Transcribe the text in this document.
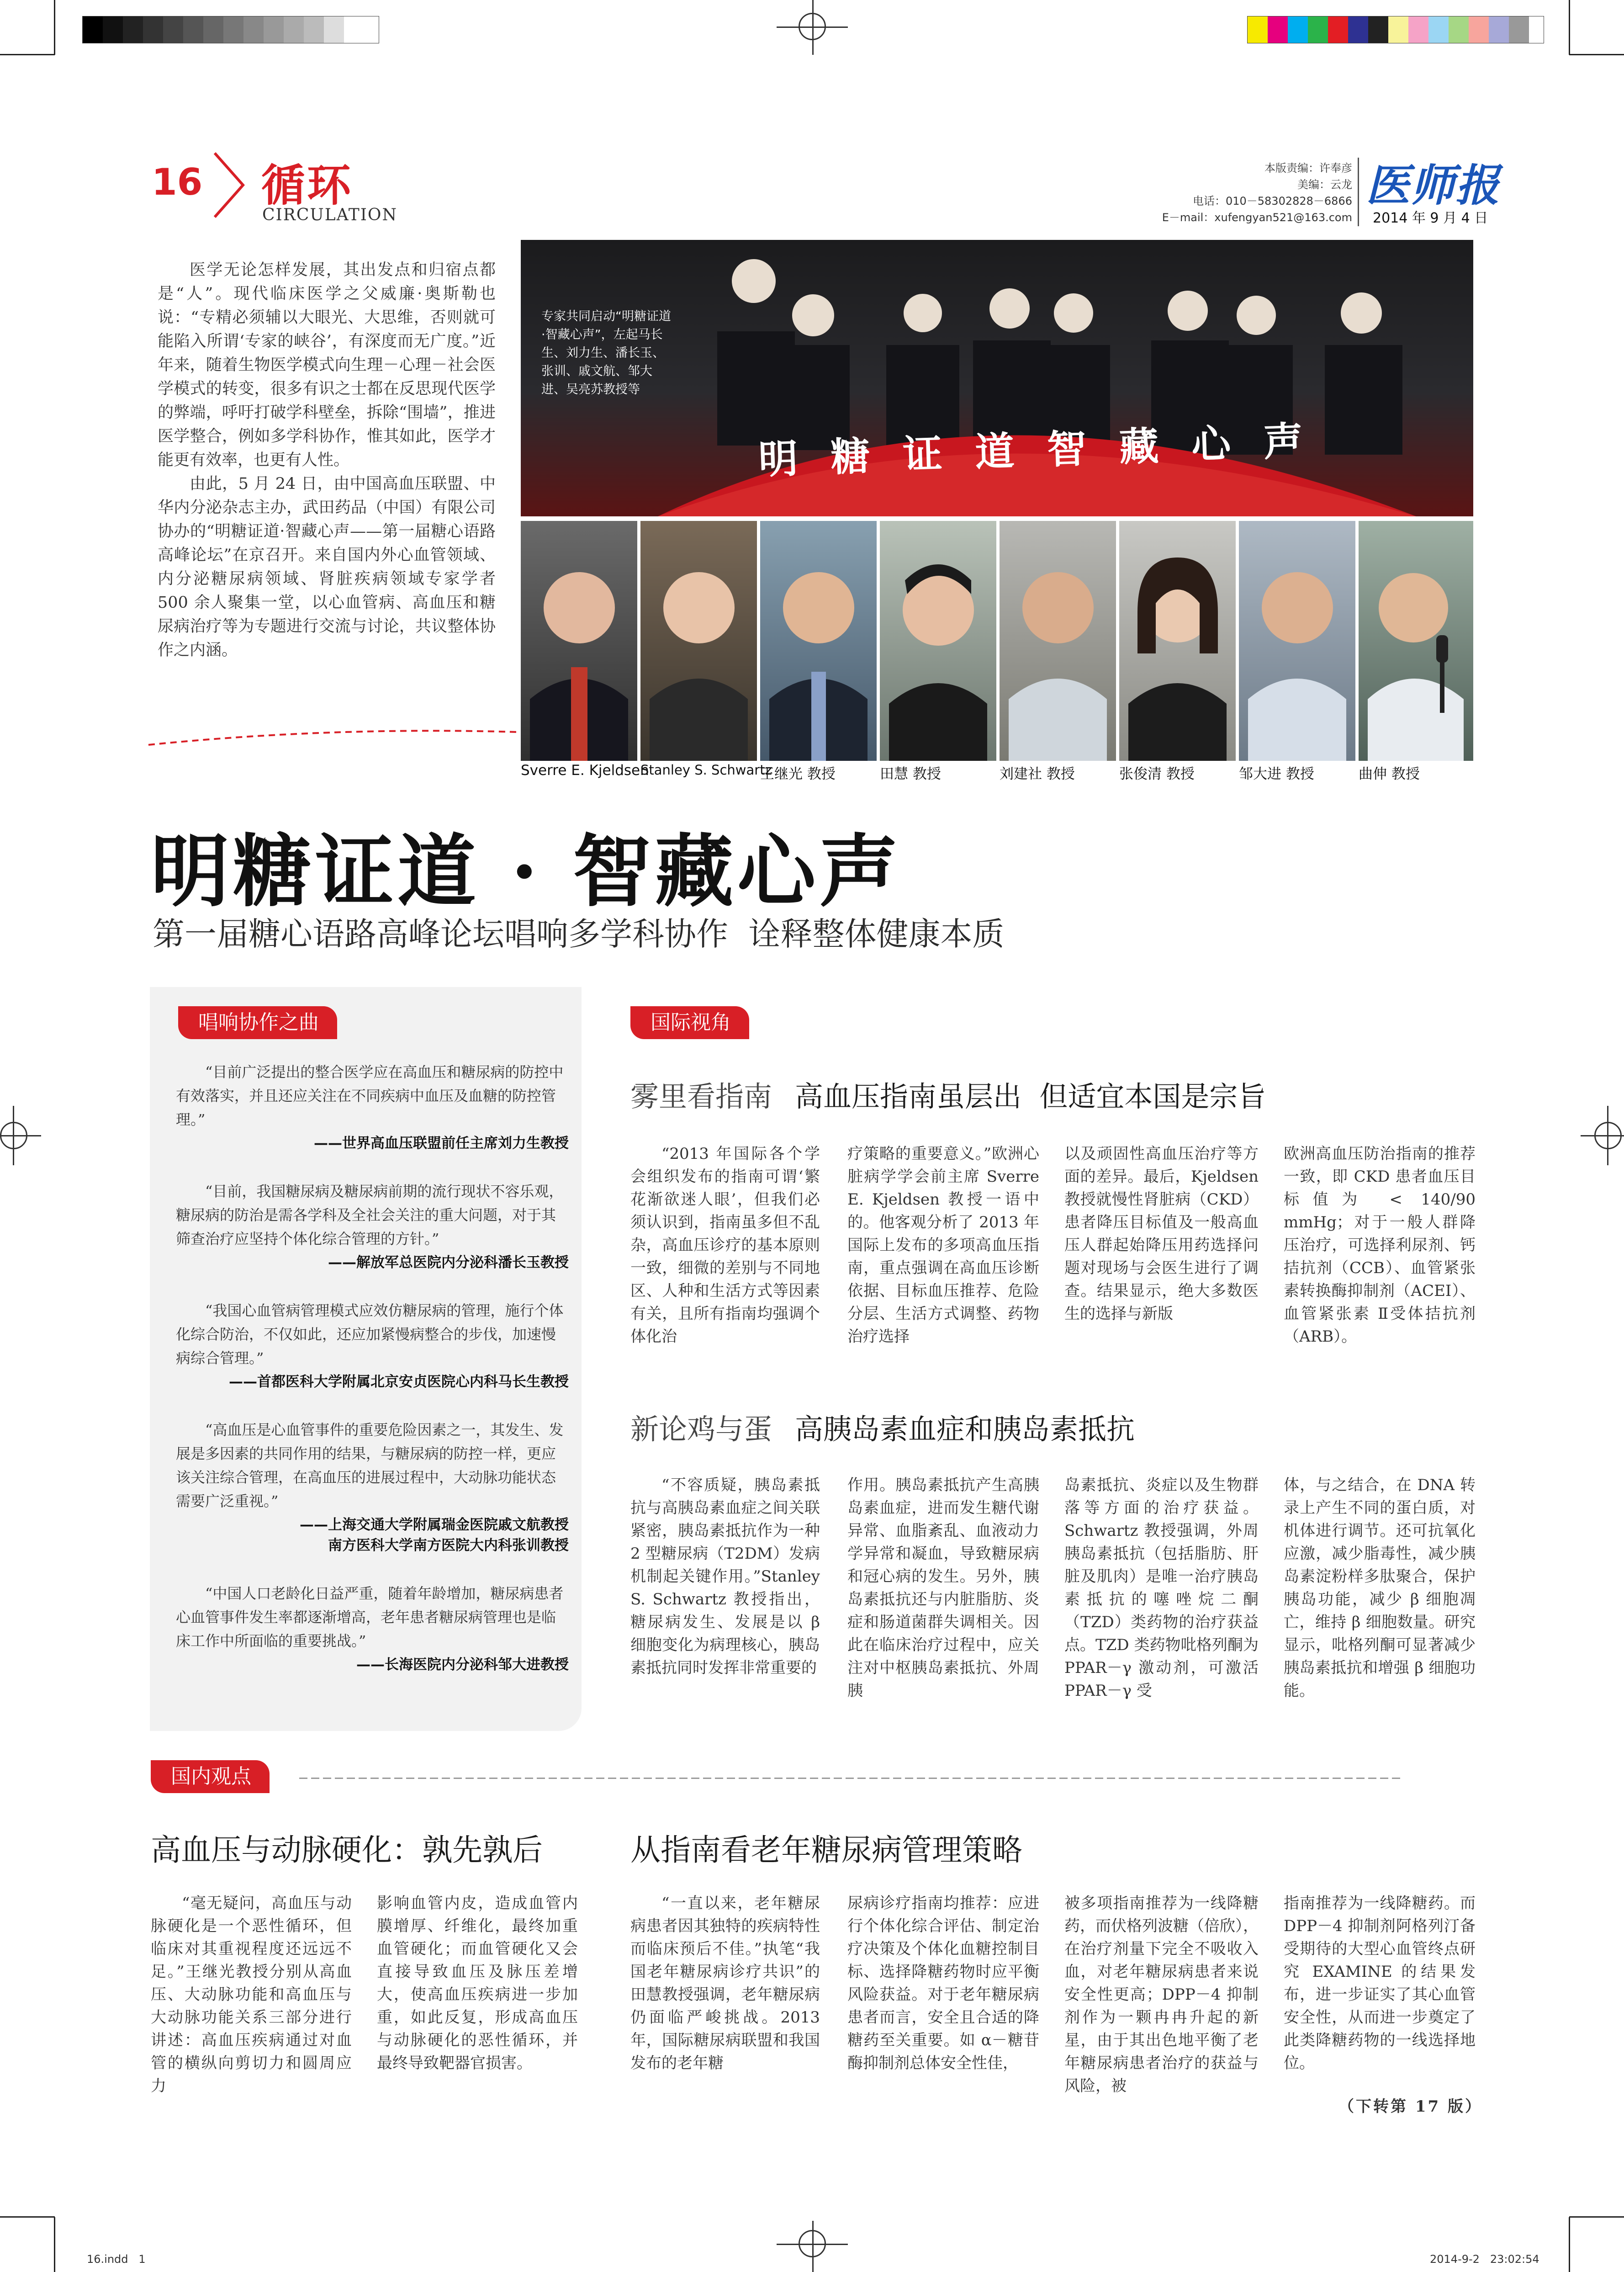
16 循环
CIRCULATION
本版责编：许奉彦
美编：云龙
电话：010－58302828－6866
E－mail：xufengyan521@163.com
医师报
2014 年 9 月 4 日

医学无论怎样发展，其出发点和归宿点都是“人”。现代临床医学之父威廉·奥斯勒也说：“专精必须辅以大眼光、大思维，否则就可能陷入所谓‘专家的峡谷’，有深度而无广度。”近年来，随着生物医学模式向生理－心理－社会医学模式的转变，很多有识之士都在反思现代医学的弊端，呼吁打破学科壁垒，拆除“围墙”，推进医学整合，例如多学科协作，惟其如此，医学才能更有效率，也更有人性。

由此，5 月 24 日，由中国高血压联盟、中华内分泌杂志主办，武田药品（中国）有限公司协办的“明糖证道·智藏心声——第一届糖心语路高峰论坛”在京召开。来自国内外心血管领域、内分泌糖尿病领域、肾脏疾病领域专家学者 500 余人聚集一堂，以心血管病、高血压和糖尿病治疗等为专题进行交流与讨论，共议整体协作之内涵。

明糖证道智藏心声
专家共同启动“明糖证道·智藏心声”，左起马长生、刘力生、潘长玉、张训、戚文航、邹大进、吴亮苏教授等
Sverre E. Kjeldsen
Stanley S. Schwartz
王继光 教授	田慧 教授	刘建社 教授	张俊清 教授	邹大进 教授	曲伸 教授
明糖证道 · 智藏心声
第一届糖心语路高峰论坛唱响多学科协作  诠释整体健康本质
唱响协作之曲

“目前广泛提出的整合医学应在高血压和糖尿病的防控中有效落实，并且还应关注在不同疾病中血压及血糖的防控管理。”

——世界高血压联盟前任主席刘力生教授

“目前，我国糖尿病及糖尿病前期的流行现状不容乐观，糖尿病的防治是需各学科及全社会关注的重大问题，对于其筛查治疗应坚持个体化综合管理的方针。”

——解放军总医院内分泌科潘长玉教授

“我国心血管病管理模式应效仿糖尿病的管理，施行个体化综合防治，不仅如此，还应加紧慢病整合的步伐，加速慢病综合管理。”

——首都医科大学附属北京安贞医院心内科马长生教授

“高血压是心血管事件的重要危险因素之一，其发生、发展是多因素的共同作用的结果，与糖尿病的防控一样，更应该关注综合管理，在高血压的进展过程中，大动脉功能状态需要广泛重视。”

——上海交通大学附属瑞金医院戚文航教授
南方医科大学南方医院大内科张训教授

“中国人口老龄化日益严重，随着年龄增加，糖尿病患者心血管事件发生率都逐渐增高，老年患者糖尿病管理也是临床工作中所面临的重要挑战。”

——长海医院内分泌科邹大进教授
国际视角
雾里看指南 高血压指南虽层出  但适宜本国是宗旨
“2013 年国际各个学会组织发布的指南可谓‘繁花渐欲迷人眼’，但我们必须认识到，指南虽多但不乱杂，高血压诊疗的基本原则一致，细微的差别与不同地区、人种和生活方式等因素有关，且所有指南均强调个体化治
疗策略的重要意义。”欧洲心脏病学学会前主席 Sverre E. Kjeldsen 教授一语中的。他客观分析了 2013 年国际上发布的多项高血压指南，重点强调在高血压诊断依据、目标血压推荐、危险分层、生活方式调整、药物治疗选择
以及顽固性高血压治疗等方面的差异。最后，Kjeldsen 教授就慢性肾脏病（CKD）患者降压目标值及一般高血压人群起始降压用药选择问题对现场与会医生进行了调查。结果显示，绝大多数医生的选择与新版
欧洲高血压防治指南的推荐一致，即 CKD 患者血压目标值为 < 140/90 mmHg；对于一般人群降压治疗，可选择利尿剂、钙拮抗剂（CCB）、血管紧张素转换酶抑制剂（ACEI）、血管紧张素 Ⅱ受体拮抗剂（ARB）。
新论鸡与蛋 高胰岛素血症和胰岛素抵抗
“不容质疑，胰岛素抵抗与高胰岛素血症之间关联紧密，胰岛素抵抗作为一种 2 型糖尿病（T2DM）发病机制起关键作用。”Stanley S. Schwartz 教授指出，糖尿病发生、发展是以 β 细胞变化为病理核心，胰岛素抵抗同时发挥非常重要的
作用。胰岛素抵抗产生高胰岛素血症，进而发生糖代谢异常、血脂紊乱、血液动力学异常和凝血，导致糖尿病和冠心病的发生。另外，胰岛素抵抗还与内脏脂肪、炎症和肠道菌群失调相关。因此在临床治疗过程中，应关注对中枢胰岛素抵抗、外周胰
岛素抵抗、炎症以及生物群落等方面的治疗获益。Schwartz 教授强调，外周胰岛素抵抗（包括脂肪、肝脏及肌肉）是唯一治疗胰岛素抵抗的噻唑烷二酮（TZD）类药物的治疗获益点。TZD 类药物吡格列酮为 PPAR－γ 激动剂，可激活 PPAR－γ 受
体，与之结合，在 DNA 转录上产生不同的蛋白质，对机体进行调节。还可抗氧化应激，减少脂毒性，减少胰岛素淀粉样多肽聚合，保护胰岛功能，减少 β 细胞凋亡，维持 β 细胞数量。研究显示，吡格列酮可显著减少胰岛素抵抗和增强 β 细胞功能。
国内观点
高血压与动脉硬化：孰先孰后
“毫无疑问，高血压与动脉硬化是一个恶性循环，但临床对其重视程度还远远不足。”王继光教授分别从高血压、大动脉功能和高血压与大动脉功能关系三部分进行讲述：高血压疾病通过对血管的横纵向剪切力和圆周应力
影响血管内皮，造成血管内膜增厚、纤维化，最终加重血管硬化；而血管硬化又会直接导致血压及脉压差增大，使高血压疾病进一步加重，如此反复，形成高血压与动脉硬化的恶性循环，并最终导致靶器官损害。
从指南看老年糖尿病管理策略
“一直以来，老年糖尿病患者因其独特的疾病特性而临床预后不佳。”执笔“我国老年糖尿病诊疗共识”的田慧教授强调，老年糖尿病仍面临严峻挑战。2013 年，国际糖尿病联盟和我国发布的老年糖
尿病诊疗指南均推荐：应进行个体化综合评估、制定治疗决策及个体化血糖控制目标、选择降糖药物时应平衡风险获益。对于老年糖尿病患者而言，安全且合适的降糖药至关重要。如 α－糖苷酶抑制剂总体安全性佳，
被多项指南推荐为一线降糖药，而伏格列波糖（倍欣），在治疗剂量下完全不吸收入血，对老年糖尿病患者来说安全性更高；DPP－4 抑制剂作为一颗冉冉升起的新星，由于其出色地平衡了老年糖尿病患者治疗的获益与风险，被
指南推荐为一线降糖药。而 DPP－4 抑制剂阿格列汀备受期待的大型心血管终点研究 EXAMINE 的结果发布，进一步证实了其心血管安全性，从而进一步奠定了此类降糖药物的一线选择地位。
（下转第 17 版）
16.indd   1	2014-9-2   23:02:54
